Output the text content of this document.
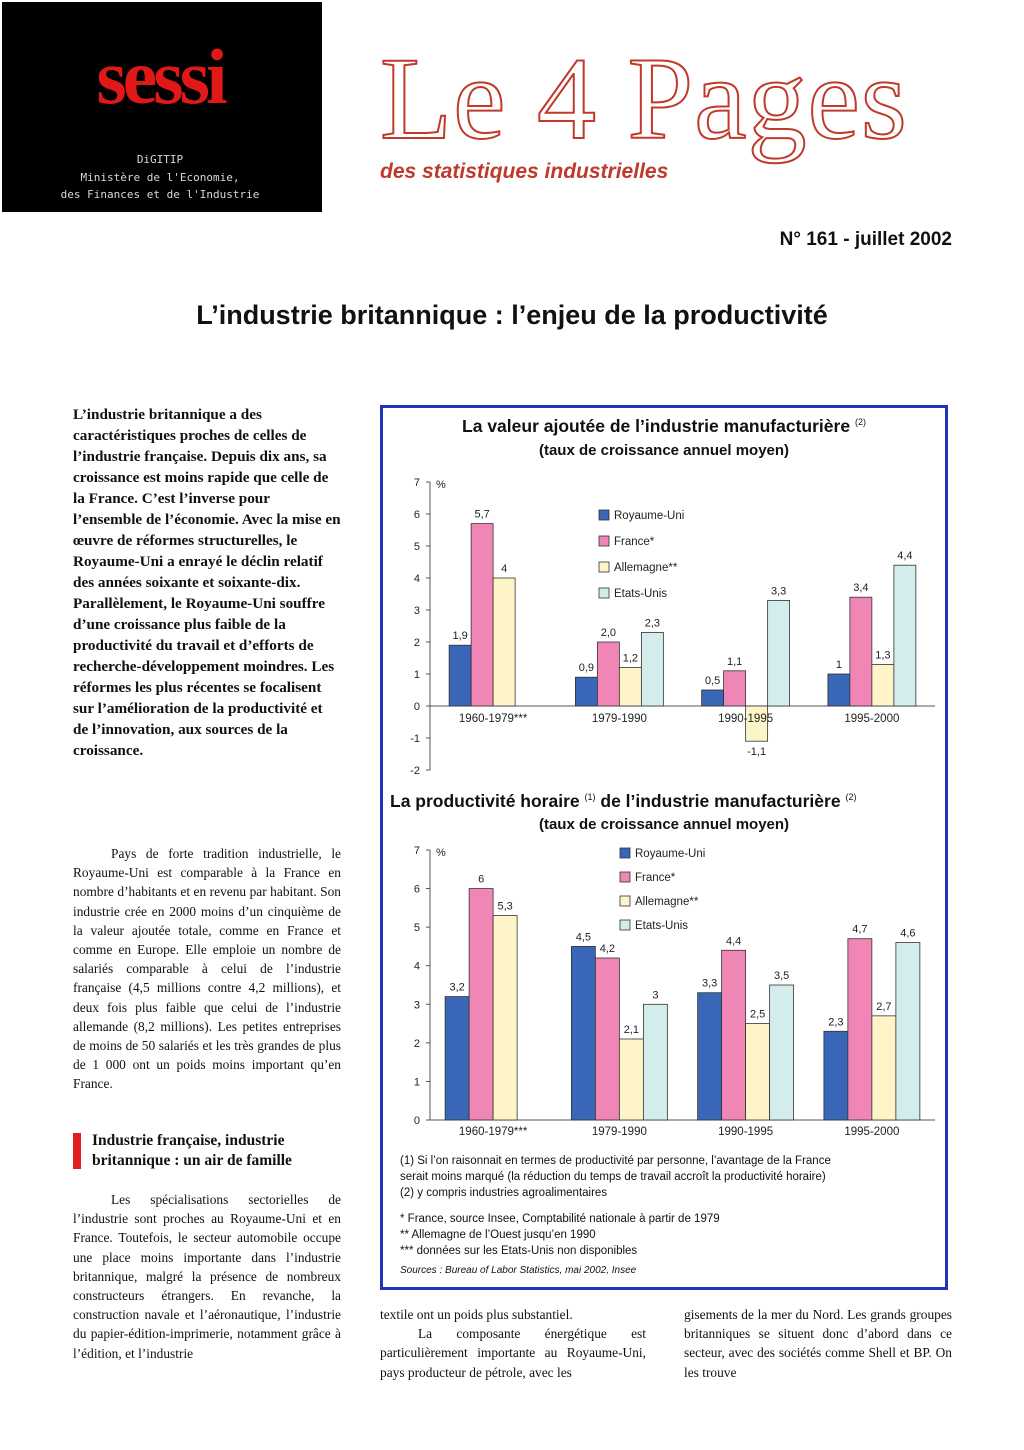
sessi
DiGITIP
Ministère de l'Economie,
des Finances et de l'Industrie
Le 4 Pages
des statistiques industrielles
N° 161 - juillet 2002
L’industrie britannique : l’enjeu de la productivité

L’industrie britannique a des caractéristiques proches de celles de l’industrie française. Depuis dix ans, sa croissance est moins rapide que celle de la France. C’est l’inverse pour l’ensemble de l’économie. Avec la mise en œuvre de réformes structurelles, le Royaume-Uni a enrayé le déclin relatif des années soixante et soixante-dix. Parallèlement, le Royaume-Uni souffre d’une croissance plus faible de la productivité du travail et d’efforts de recherche-développement moindres. Les réformes les plus récentes se focalisent sur l’amélioration de la productivité et de l’innovation, aux sources de la croissance.

Pays de forte tradition industrielle, le Royaume-Uni est comparable à la France en nombre d’habitants et en revenu par habitant. Son industrie crée en 2000 moins d’un cinquième de la valeur ajoutée totale, comme en France et comme en Europe. Elle emploie un nombre de salariés comparable à celui de l’industrie française (4,5 millions contre 4,2 millions), et deux fois plus faible que celui de l’industrie allemande (8,2 millions). Les petites entreprises de moins de 50 salariés et les très grandes de plus de 1 000 ont un poids moins important qu’en France.

Industrie française, industrie britannique : un air de famille

Les spécialisations sectorielles de l’industrie sont proches au Royaume-Uni et en France. Toutefois, le secteur automobile occupe une place moins importante dans l’industrie britannique, malgré la présence de nombreux constructeurs étrangers. En revanche, la construction navale et l’aéronautique, l’industrie du papier-édition-imprimerie, notamment grâce à l’édition, et l’industrie

La valeur ajoutée de l’industrie manufacturière $^{(2)}$
(taux de croissance annuel moyen)
-2
-1
0
1
2
3
4
5
6
7 %
1,9
5,7
4
1960-1979***
0,9
2,0
1,2
2,3
1979-1990
0,5
1,1
-1,1
3,3
1990-1995
1
3,4
1,3
4,4
1995-2000
Royaume-Uni
France*
Allemagne**
Etats-Unis
La productivité horaire $^{(1)}$ de l’industrie manufacturière $^{(2)}$
(taux de croissance annuel moyen)
0
1
2
3
4
5
6
7 %
3,2
6
5,3
1960-1979***
4,5
4,2
2,1
3
1979-1990
3,3
4,4
2,5
3,5
1990-1995
2,3
4,7
2,7
4,6
1995-2000
Royaume-Uni
France*
Allemagne**
Etats-Unis
(1) Si l’on raisonnait en termes de productivité par personne, l’avantage de la France
serait moins marqué (la réduction du temps de travail accroît la productivité horaire)
(2) y compris industries agroalimentaires
* France, source Insee, Comptabilité nationale à partir de 1979
** Allemagne de l’Ouest jusqu’en 1990
*** données sur les Etats-Unis non disponibles
Sources : Bureau of Labor Statistics, mai 2002, Insee
textile ont un poids plus substantiel.
La composante énergétique est particulièrement importante au Royaume-Uni, pays producteur de pétrole, avec les
gisements de la mer du Nord. Les grands groupes britanniques se situent donc d’abord dans ce secteur, avec des sociétés comme Shell et BP. On les trouve
